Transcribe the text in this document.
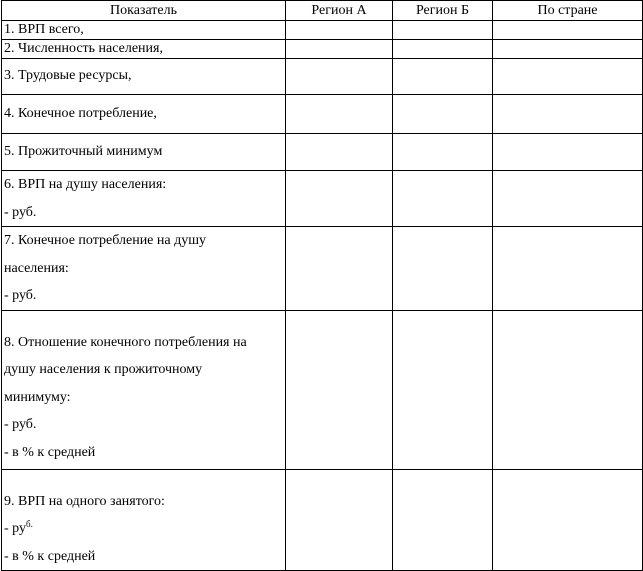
Показатель	Регион А	Регион Б	По стране

1. ВРП всего,			

2. Численность населения,			

3. Трудовые ресурсы,			

4. Конечное потребление,			

5. Прожиточный минимум			

6. ВРП на душу населения:
- руб.			

7. Конечное потребление на душу
населения:
- руб.			

8. Отношение конечного потребления на
душу населения к прожиточному
минимуму:
- руб.
- в % к средней			

9. ВРП на одного занятого:
- $ру^{б.}$
- в % к средней			
